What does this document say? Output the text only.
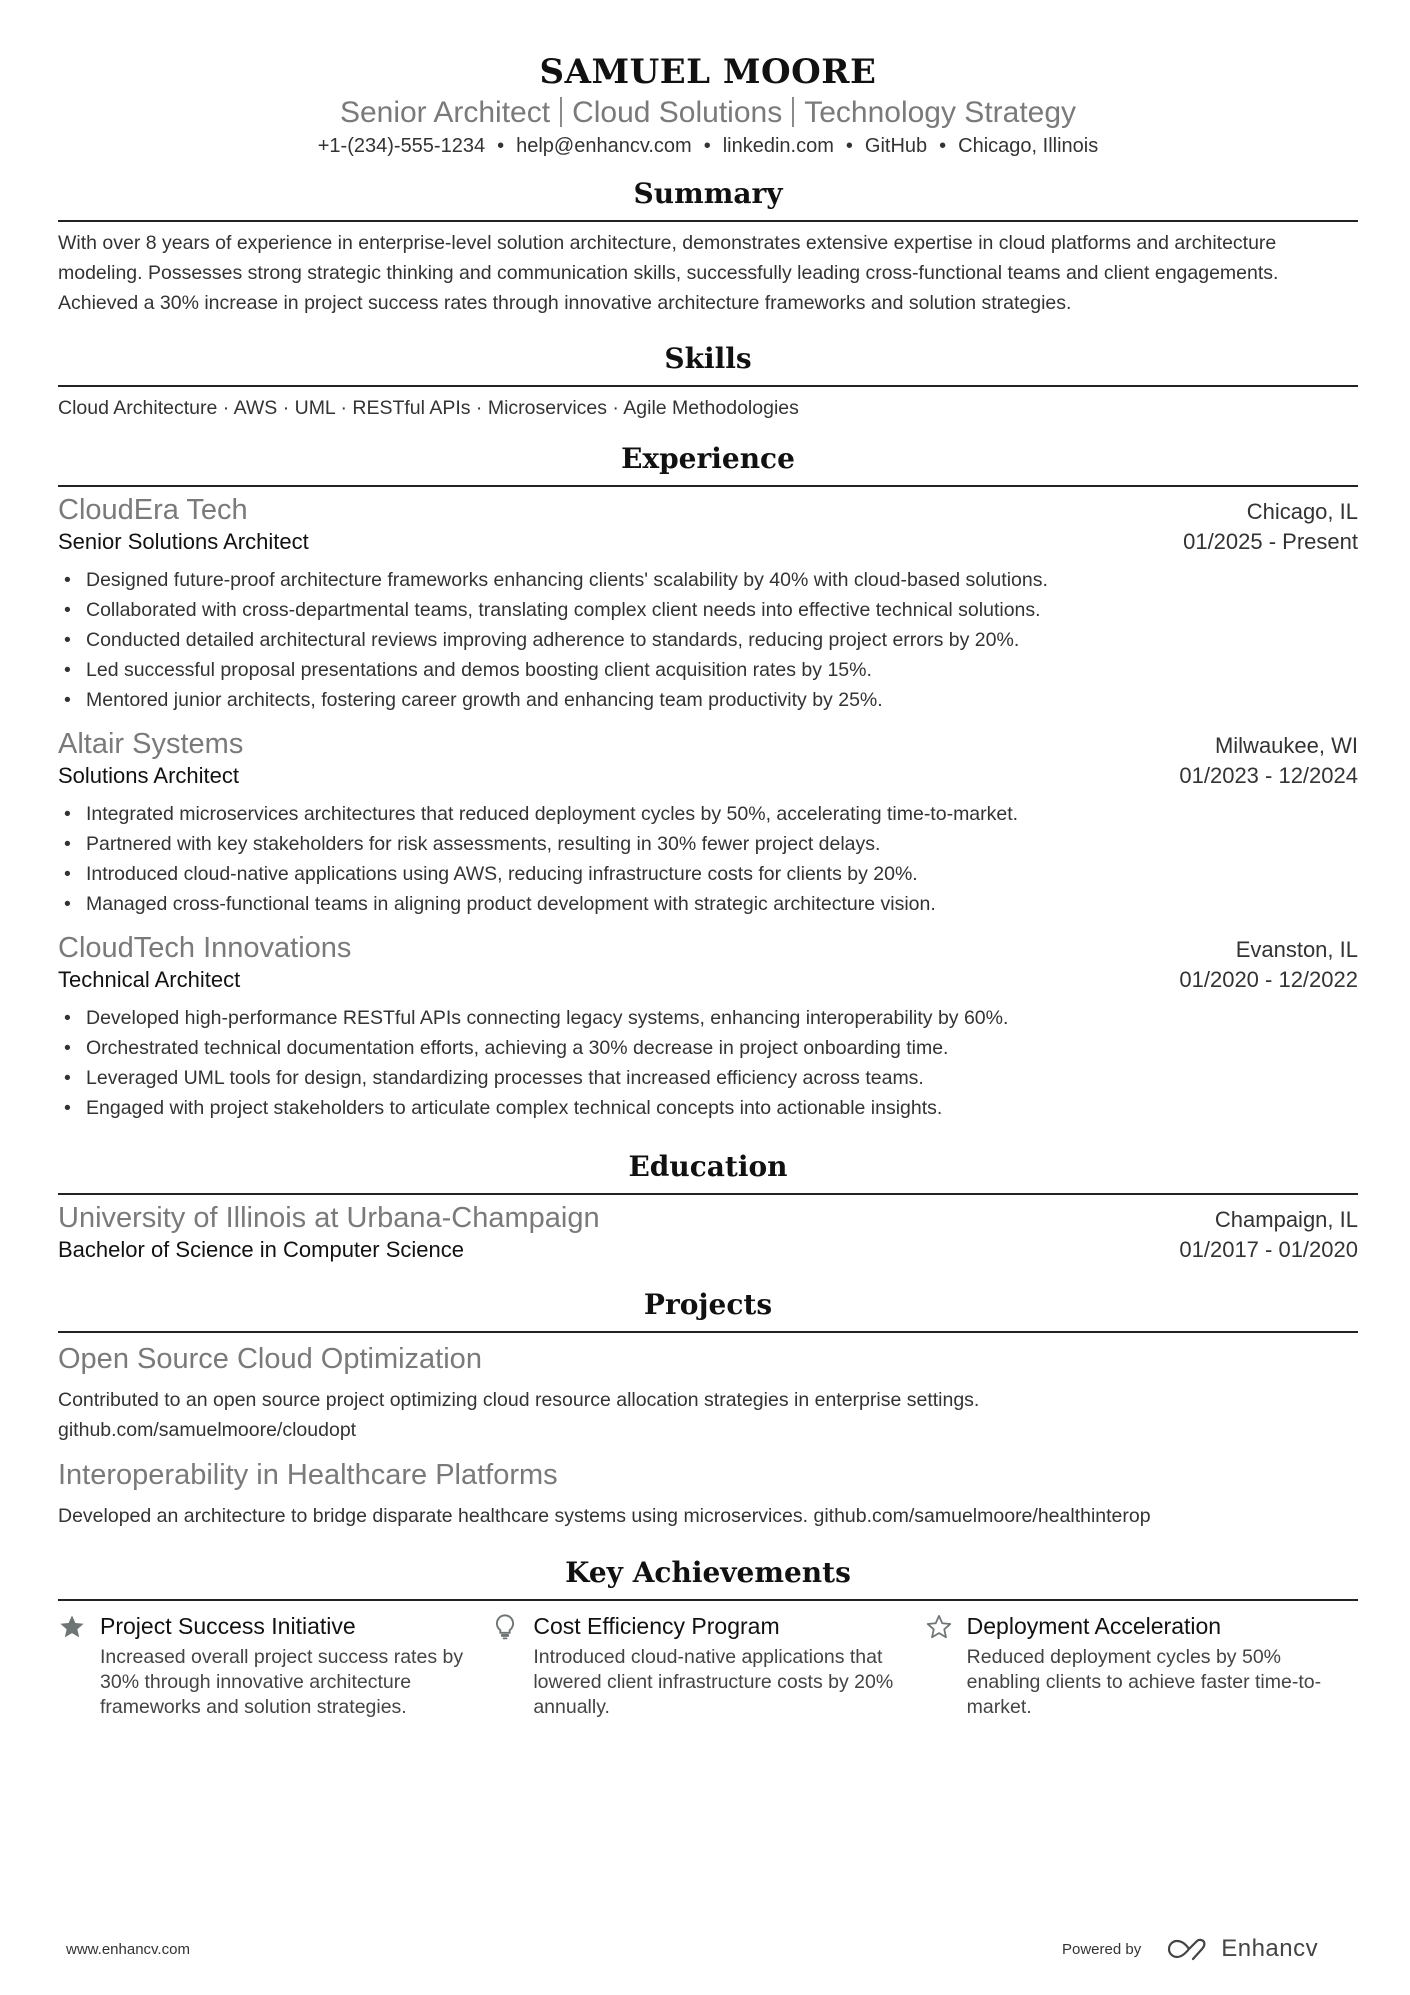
SAMUEL MOORE
Senior Architect Cloud Solutions Technology Strategy
+1-(234)-555-1234 • help@enhancv.com • linkedin.com • GitHub • Chicago, Illinois
Summary
With over 8 years of experience in enterprise-level solution architecture, demonstrates extensive expertise in cloud platforms and architecture modeling. Possesses strong strategic thinking and communication skills, successfully leading cross-functional teams and client engagements. Achieved a 30% increase in project success rates through innovative architecture frameworks and solution strategies.
Skills
Cloud Architecture · AWS · UML · RESTful APIs · Microservices · Agile Methodologies
Experience
CloudEra Tech	Chicago, IL
Senior Solutions Architect	01/2025 - Present
• Designed future-proof architecture frameworks enhancing clients' scalability by 40% with cloud-based solutions.
• Collaborated with cross-departmental teams, translating complex client needs into effective technical solutions.
• Conducted detailed architectural reviews improving adherence to standards, reducing project errors by 20%.
• Led successful proposal presentations and demos boosting client acquisition rates by 15%.
• Mentored junior architects, fostering career growth and enhancing team productivity by 25%.
Altair Systems	Milwaukee, WI
Solutions Architect	01/2023 - 12/2024
• Integrated microservices architectures that reduced deployment cycles by 50%, accelerating time-to-market.
• Partnered with key stakeholders for risk assessments, resulting in 30% fewer project delays.
• Introduced cloud-native applications using AWS, reducing infrastructure costs for clients by 20%.
• Managed cross-functional teams in aligning product development with strategic architecture vision.
CloudTech Innovations	Evanston, IL
Technical Architect	01/2020 - 12/2022
• Developed high-performance RESTful APIs connecting legacy systems, enhancing interoperability by 60%.
• Orchestrated technical documentation efforts, achieving a 30% decrease in project onboarding time.
• Leveraged UML tools for design, standardizing processes that increased efficiency across teams.
• Engaged with project stakeholders to articulate complex technical concepts into actionable insights.
Education
University of Illinois at Urbana-Champaign	Champaign, IL
Bachelor of Science in Computer Science	01/2017 - 01/2020
Projects
Open Source Cloud Optimization
Contributed to an open source project optimizing cloud resource allocation strategies in enterprise settings.
github.com/samuelmoore/cloudopt
Interoperability in Healthcare Platforms
Developed an architecture to bridge disparate healthcare systems using microservices. github.com/samuelmoore/healthinterop
Key Achievements
Project Success Initiative
Increased overall project success rates by 30% through innovative architecture frameworks and solution strategies.
Cost Efficiency Program
Introduced cloud-native applications that lowered client infrastructure costs by 20% annually.
Deployment Acceleration
Reduced deployment cycles by 50% enabling clients to achieve faster time-to-market.
www.enhancv.com	Powered by	Enhancv
